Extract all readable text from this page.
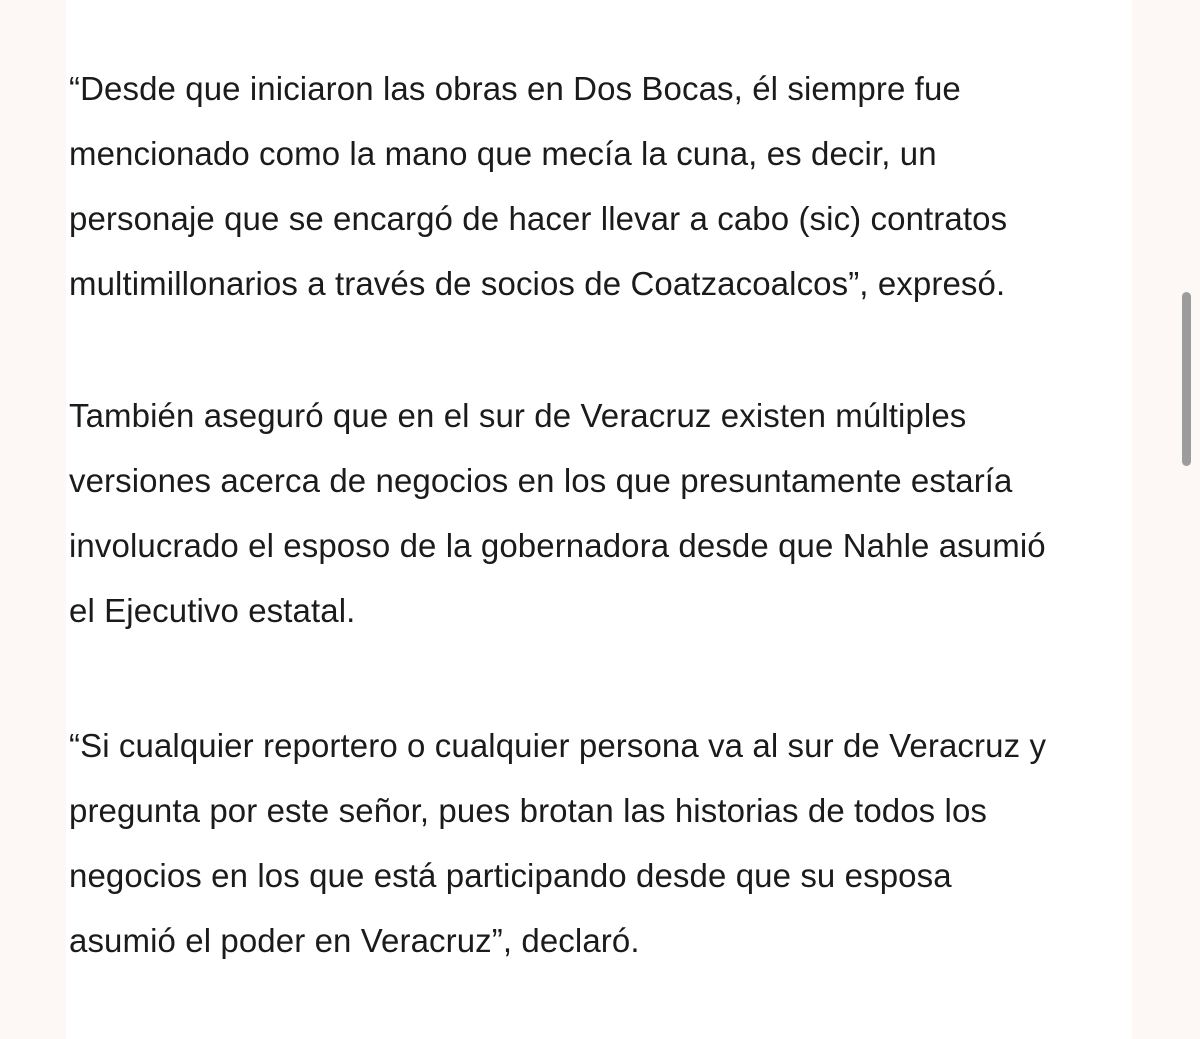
“Desde que iniciaron las obras en Dos Bocas, él siempre fue
mencionado como la mano que mecía la cuna, es decir, un
personaje que se encargó de hacer llevar a cabo (sic) contratos
multimillonarios a través de socios de Coatzacoalcos”, expresó.

También aseguró que en el sur de Veracruz existen múltiples
versiones acerca de negocios en los que presuntamente estaría
involucrado el esposo de la gobernadora desde que Nahle asumió
el Ejecutivo estatal.

“Si cualquier reportero o cualquier persona va al sur de Veracruz y
pregunta por este señor, pues brotan las historias de todos los
negocios en los que está participando desde que su esposa
asumió el poder en Veracruz”, declaró.
